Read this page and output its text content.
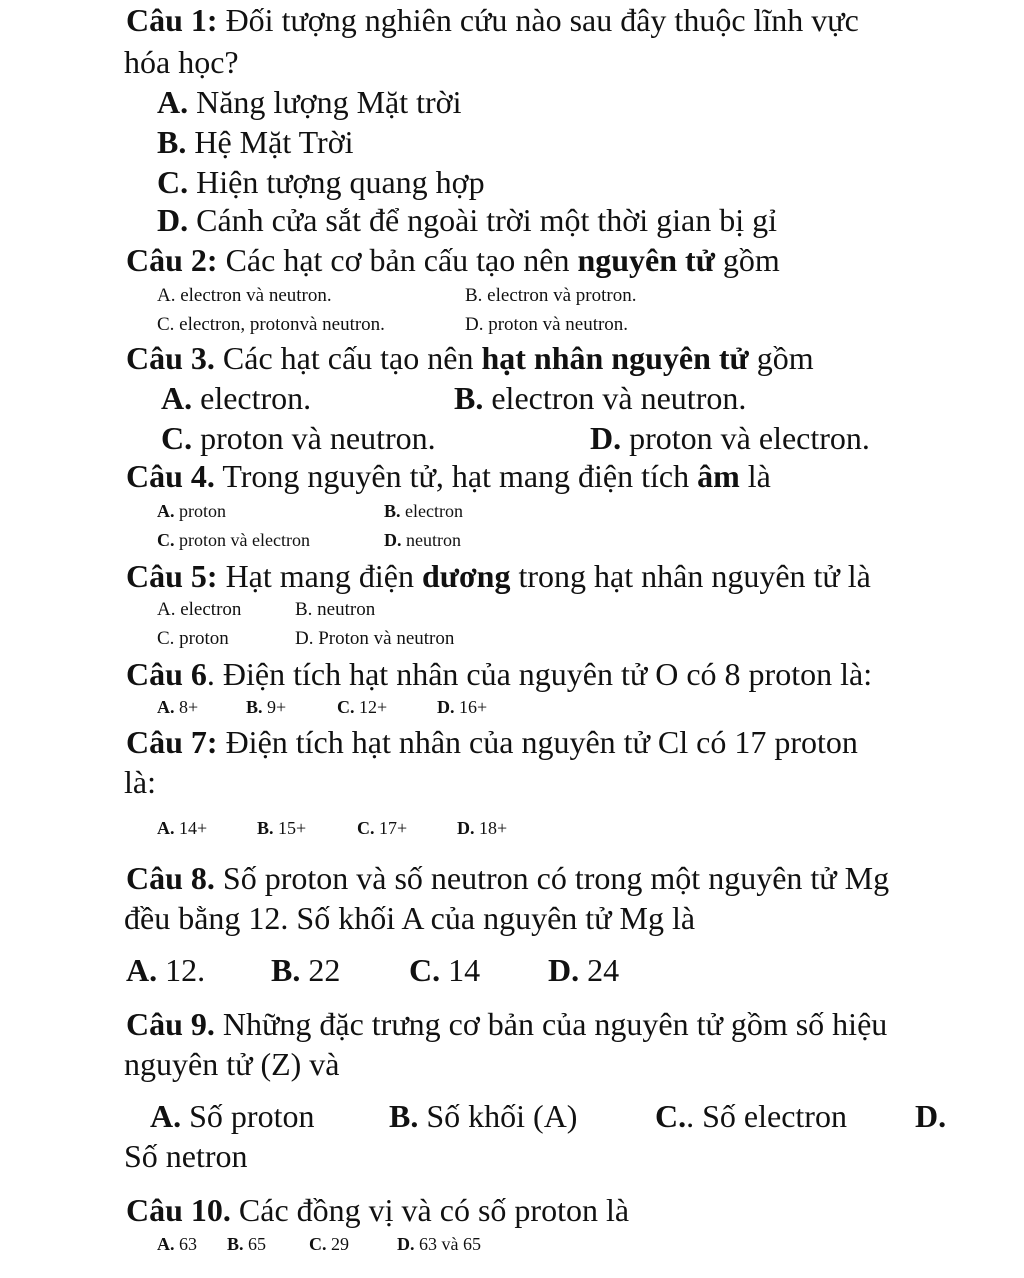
Câu 1: Đối tượng nghiên cứu nào sau đây thuộc lĩnh vực
hóa học?
A. Năng lượng Mặt trời
B. Hệ Mặt Trời
C. Hiện tượng quang hợp
D. Cánh cửa sắt để ngoài trời một thời gian bị gỉ
Câu 2: Các hạt cơ bản cấu tạo nên nguyên tử gồm
A. electron và neutron.	B. electron và protron.
C. electron, protonvà neutron.	D. proton và neutron.
Câu 3. Các hạt cấu tạo nên hạt nhân nguyên tử gồm
A. electron.	B. electron và neutron.
C. proton và neutron.	D. proton và electron.
Câu 4. Trong nguyên tử, hạt mang điện tích âm là
A. proton	B. electron
C. proton và electron	D. neutron
Câu 5: Hạt mang điện dương trong hạt nhân nguyên tử là
A. electron	B. neutron
C. proton	D. Proton và neutron
Câu 6. Điện tích hạt nhân của nguyên tử O có 8 proton là:
A. 8+	B. 9+	C. 12+	D. 16+
Câu 7: Điện tích hạt nhân của nguyên tử Cl có 17 proton
là:
A. 14+	B. 15+	C. 17+	D. 18+
Câu 8. Số proton và số neutron có trong một nguyên tử Mg
đều bằng 12. Số khối A của nguyên tử Mg là
A. 12. B. 22 C. 14 D. 24
Câu 9. Những đặc trưng cơ bản của nguyên tử gồm số hiệu
nguyên tử (Z) và
A. Số proton B. Số khối (A) C.. Số electron D.
Số netron
Câu 10. Các đồng vị và có số proton là
A. 63 B. 65 C. 29	D. 63 và 65
